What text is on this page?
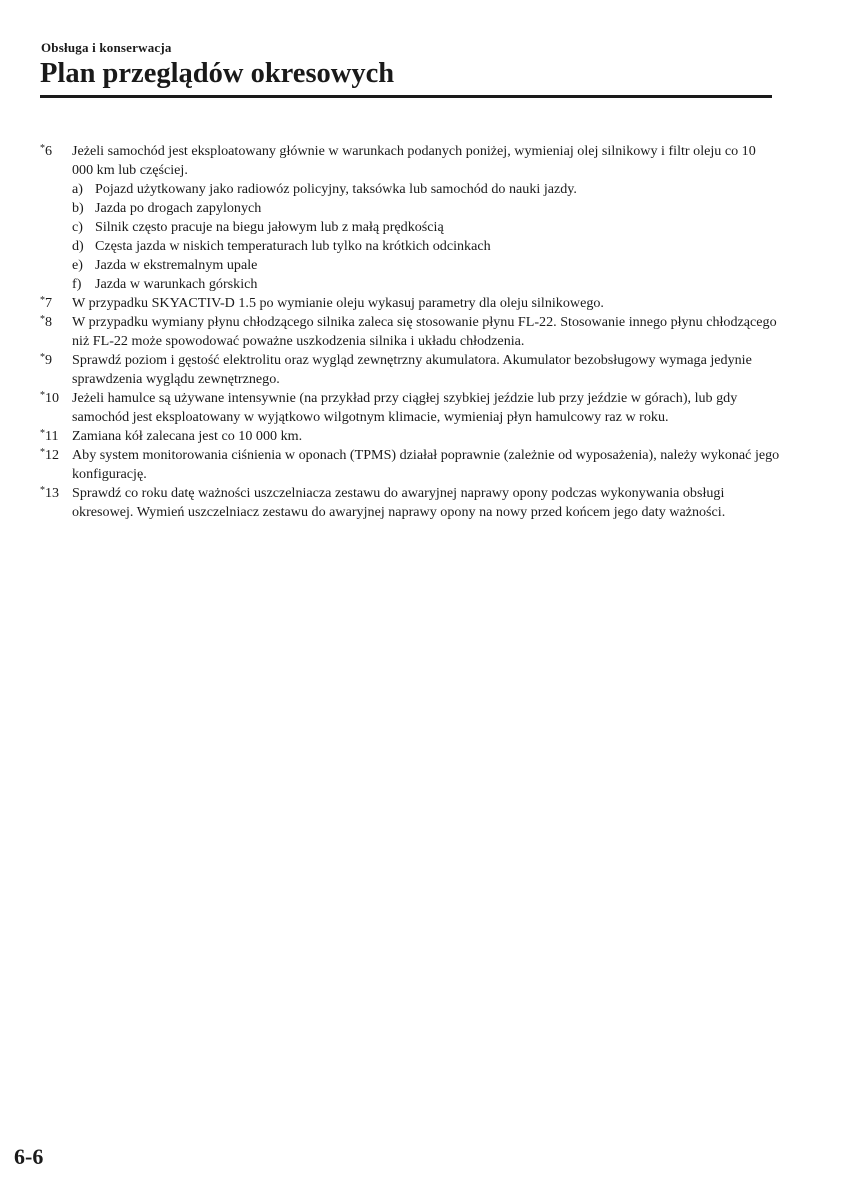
Obsługa i konserwacja
Plan przeglądów okresowych
*6	Jeżeli samochód jest eksploatowany głównie w warunkach podanych poniżej, wymieniaj olej silnikowy i filtr oleju co 10 000 km lub częściej.
a) Pojazd użytkowany jako radiowóz policyjny, taksówka lub samochód do nauki jazdy.
b) Jazda po drogach zapylonych
c) Silnik często pracuje na biegu jałowym lub z małą prędkością
d) Częsta jazda w niskich temperaturach lub tylko na krótkich odcinkach
e) Jazda w ekstremalnym upale
f) Jazda w warunkach górskich
*7	W przypadku SKYACTIV-D 1.5 po wymianie oleju wykasuj parametry dla oleju silnikowego.
*8	W przypadku wymiany płynu chłodzącego silnika zaleca się stosowanie płynu FL-22. Stosowanie innego płynu chłodzącego niż FL-22 może spowodować poważne uszkodzenia silnika i układu chłodzenia.
*9	Sprawdź poziom i gęstość elektrolitu oraz wygląd zewnętrzny akumulatora. Akumulator bezobsługowy wymaga jedynie sprawdzenia wyglądu zewnętrznego.
*10 Jeżeli hamulce są używane intensywnie (na przykład przy ciągłej szybkiej jeździe lub przy jeździe w górach), lub gdy samochód jest eksploatowany w wyjątkowo wilgotnym klimacie, wymieniaj płyn hamulcowy raz w roku.
*11 Zamiana kół zalecana jest co 10 000 km.
*12 Aby system monitorowania ciśnienia w oponach (TPMS) działał poprawnie (zależnie od wyposażenia), należy wykonać jego konfigurację.
*13 Sprawdź co roku datę ważności uszczelniacza zestawu do awaryjnej naprawy opony podczas wykonywania obsługi okresowej. Wymień uszczelniacz zestawu do awaryjnej naprawy opony na nowy przed końcem jego daty ważności.
6-6
